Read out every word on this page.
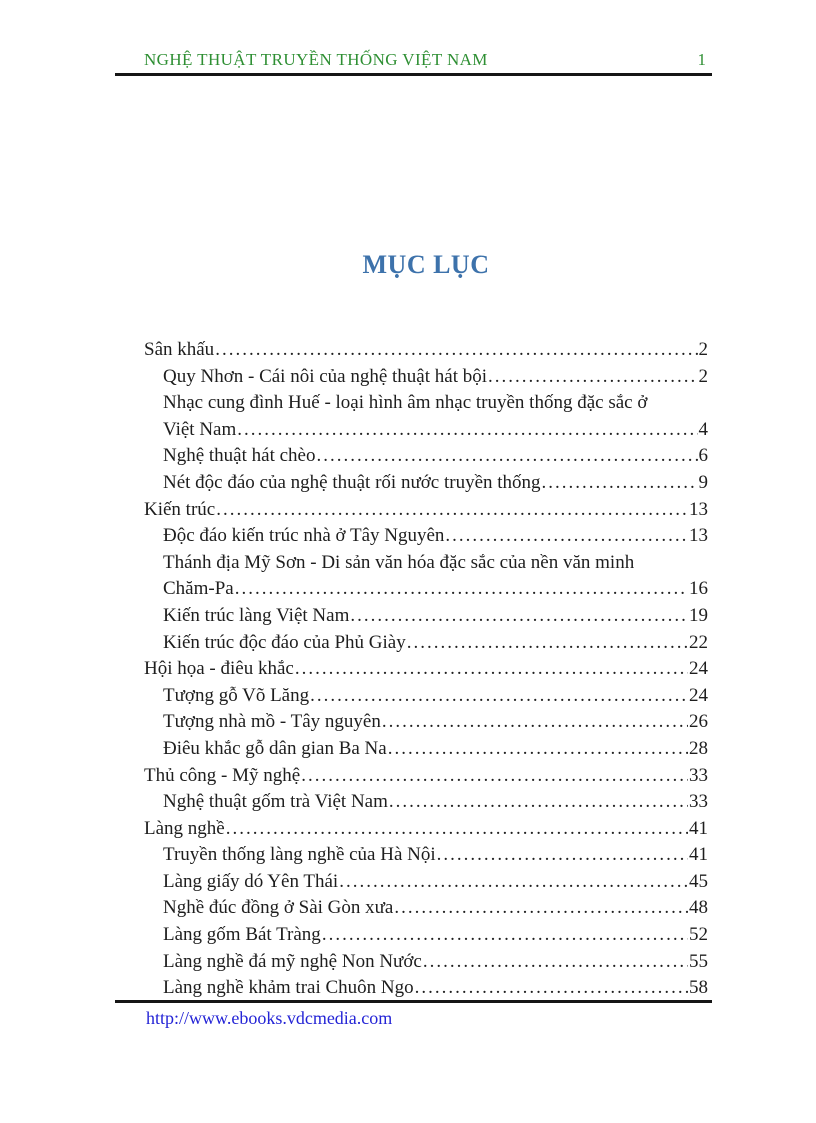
NGHỆ THUẬT TRUYỀN THỐNG VIỆT NAM	1
MỤC LỤC
Sân khấu .....	2
Quy Nhơn - Cái nôi của nghệ thuật hát bội .....	2
Nhạc cung đình Huế - loại hình âm nhạc truyền thống đặc sắc ở
Việt Nam .....	4
Nghệ thuật hát chèo .....	6
Nét độc đáo của nghệ thuật rối nước truyền thống .....	9
Kiến trúc .....	13
Độc đáo kiến trúc nhà ở Tây Nguyên .....	13
Thánh địa Mỹ Sơn - Di sản văn hóa đặc sắc của nền văn minh
Chăm-Pa .....	16
Kiến trúc làng Việt Nam .....	19
Kiến trúc độc đáo của Phủ Giày .....	22
Hội họa - điêu khắc .....	24
Tượng gỗ Võ Lăng .....	24
Tượng nhà mồ - Tây nguyên .....	26
Điêu khắc gỗ dân gian Ba Na .....	28
Thủ công - Mỹ nghệ .....	33
Nghệ thuật gốm trà Việt Nam .....	33
Làng nghề .....	41
Truyền thống làng nghề của Hà Nội .....	41
Làng giấy dó Yên Thái .....	45
Nghề đúc đồng ở Sài Gòn xưa .....	48
Làng gốm Bát Tràng .....	52
Làng nghề đá mỹ nghệ Non Nước .....	55
Làng nghề khảm trai Chuôn Ngo .....	58
http://www.ebooks.vdcmedia.com
